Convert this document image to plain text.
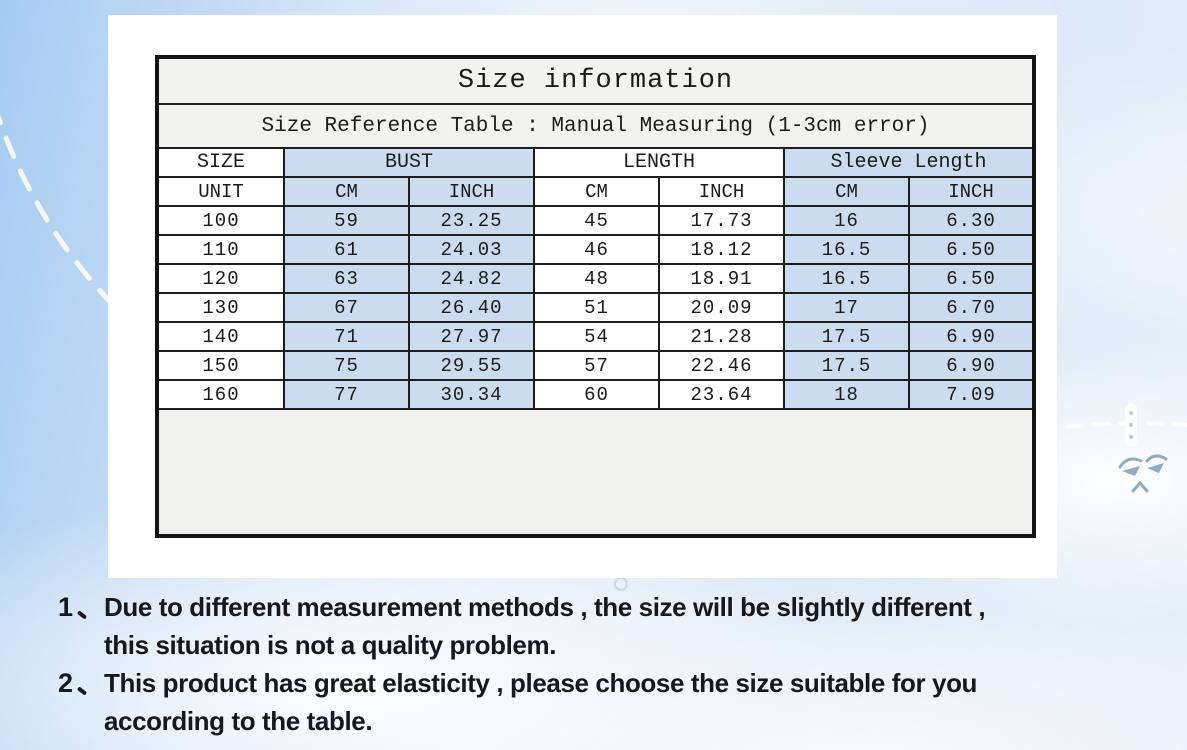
Size information						
Size Reference Table : Manual Measuring (1-3cm error)						
SIZE	BUST		LENGTH		Sleeve Length	
UNIT	CM	INCH	CM	INCH	CM	INCH
100	59	23.25	45	17.73	16	6.30
110	61	24.03	46	18.12	16.5	6.50
120	63	24.82	48	18.91	16.5	6.50
130	67	26.40	51	20.09	17	6.70
140	71	27.97	54	21.28	17.5	6.90
150	75	29.55	57	22.46	17.5	6.90
160	77	30.34	60	23.64	18	7.09

1	Due to different measurement methods , the size will be slightly different ,
this situation is not a quality problem.
2	This product has great elasticity , please choose the size suitable for you
according to the table.
